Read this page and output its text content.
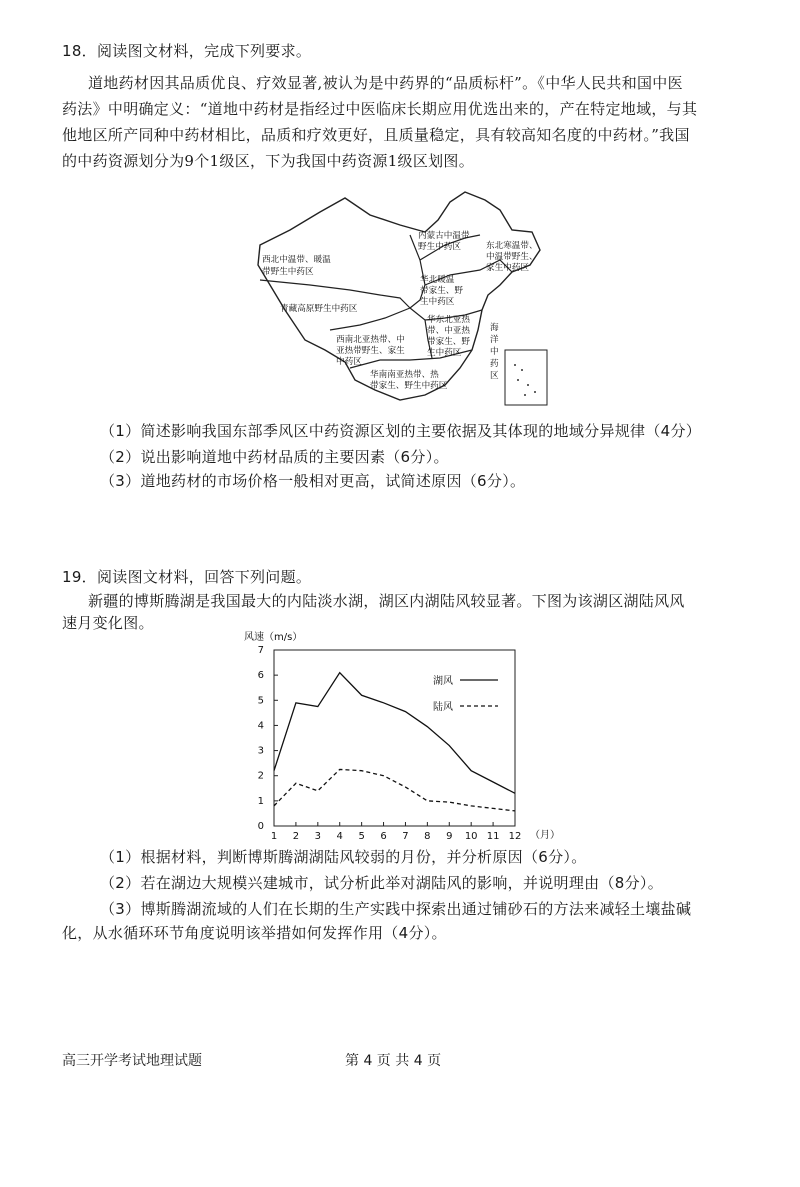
18．阅读图文材料，完成下列要求。
道地药材因其品质优良、疗效显著,被认为是中药界的“品质标杆”。《中华人民共和国中医
药法》中明确定义：“道地中药材是指经过中医临床长期应用优选出来的，产在特定地域，与其
他地区所产同种中药材相比，品质和疗效更好，且质量稳定，具有较高知名度的中药材。”我国
的中药资源划分为9个1级区，下为我国中药资源1级区划图。
内蒙古中温带
野生中药区	东北寒温带、
中温带野生、
家生中药区
西北中温带、暖温
带野生中药区
华北暖温
带家生、野
生中药区
青藏高原野生中药区
华东北亚热
带、中亚热
带家生、野
生中药区
西南北亚热带、中
亚热带野生、家生
中药区
海
洋
中
药
区
华南南亚热带、热
带家生、野生中药区
（1）简述影响我国东部季风区中药资源区划的主要依据及其体现的地域分异规律（4分）
（2）说出影响道地中药材品质的主要因素（6分）。
（3）道地药材的市场价格一般相对更高，试简述原因（6分）。
19．阅读图文材料，回答下列问题。
新疆的博斯腾湖是我国最大的内陆淡水湖，湖区内湖陆风较显著。下图为该湖区湖陆风风
速月变化图。
风速（m/s）
（月）
0
1
2
3
4
5
6
7
1 2 3 4 5 6 7 8 9 10 11 12
湖风
陆风
（1）根据材料，判断博斯腾湖湖陆风较弱的月份，并分析原因（6分）。
（2）若在湖边大规模兴建城市，试分析此举对湖陆风的影响，并说明理由（8分）。
（3）博斯腾湖流域的人们在长期的生产实践中探索出通过铺砂石的方法来减轻土壤盐碱
化，从水循环环节角度说明该举措如何发挥作用（4分）。
高三开学考试地理试题	第 4 页 共 4 页
